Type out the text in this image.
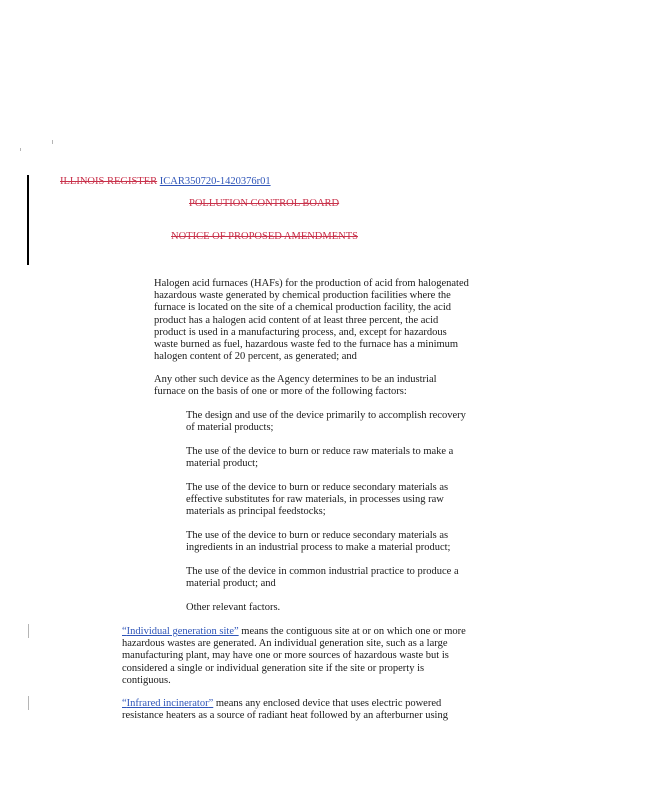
ILLINOIS REGISTER ICAR350720-1420376r01
POLLUTION CONTROL BOARD
NOTICE OF PROPOSED AMENDMENTS
Halogen acid furnaces (HAFs) for the production of acid from halogenated hazardous waste generated by chemical production facilities where the furnace is located on the site of a chemical production facility, the acid product has a halogen acid content of at least three percent, the acid product is used in a manufacturing process, and, except for hazardous waste burned as fuel, hazardous waste fed to the furnace has a minimum halogen content of 20 percent, as generated; and
Any other such device as the Agency determines to be an industrial furnace on the basis of one or more of the following factors:
The design and use of the device primarily to accomplish recovery of material products;
The use of the device to burn or reduce raw materials to make a material product;
The use of the device to burn or reduce secondary materials as effective substitutes for raw materials, in processes using raw materials as principal feedstocks;
The use of the device to burn or reduce secondary materials as ingredients in an industrial process to make a material product;
The use of the device in common industrial practice to produce a material product; and
Other relevant factors.
“Individual generation site” means the contiguous site at or on which one or more hazardous wastes are generated. An individual generation site, such as a large manufacturing plant, may have one or more sources of hazardous waste but is considered a single or individual generation site if the site or property is contiguous.
“Infrared incinerator” means any enclosed device that uses electric powered resistance heaters as a source of radiant heat followed by an afterburner using
